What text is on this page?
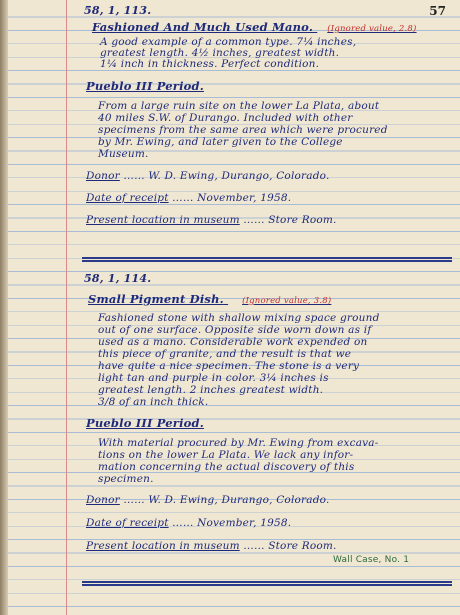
57
58, 1, 113.
Fashioned And Much Used Mano. (Ignored value, 2.8)
A good example of a common type. 7¼ inches,
greatest length. 4½ inches, greatest width.
1¼ inch in thickness. Perfect condition.
Pueblo III Period.
From a large ruin site on the lower La Plata, about
40 miles S.W. of Durango. Included with other
specimens from the same area which were procured
by Mr. Ewing, and later given to the College
Museum.
Donor …… W. D. Ewing, Durango, Colorado.
Date of receipt …… November, 1958.
Present location in museum …… Store Room.
58, 1, 114.
Small Pigment Dish. (Ignored value, 3.8)
Fashioned stone with shallow mixing space ground
out of one surface. Opposite side worn down as if
used as a mano. Considerable work expended on
this piece of granite, and the result is that we
have quite a nice specimen. The stone is a very
light tan and purple in color. 3¼ inches is
greatest length. 2 inches greatest width.
3/8 of an inch thick.
Pueblo III Period.
With material procured by Mr. Ewing from excava-
tions on the lower La Plata. We lack any infor-
mation concerning the actual discovery of this
specimen.
Donor …… W. D. Ewing, Durango, Colorado.
Date of receipt …… November, 1958.
Present location in museum …… Store Room.
Wall Case, No. 1
